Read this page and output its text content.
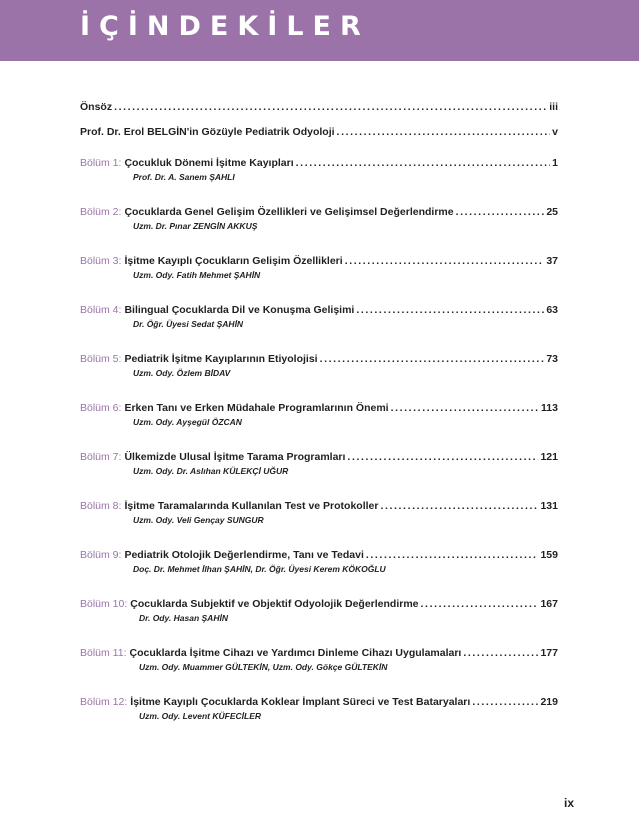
İÇİNDEKİLER
Önsöz .....	iii
Prof. Dr. Erol BELGİN'in Gözüyle Pediatrik Odyoloji .....	v
Bölüm 1: Çocukluk Dönemi İşitme Kayıpları .....	1
Prof. Dr. A. Sanem ŞAHLI
Bölüm 2: Çocuklarda Genel Gelişim Özellikleri ve Gelişimsel Değerlendirme .....	25
Uzm. Dr. Pınar ZENGİN AKKUŞ
Bölüm 3: İşitme Kayıplı Çocukların Gelişim Özellikleri .....	37
Uzm. Ody. Fatih Mehmet ŞAHİN
Bölüm 4: Bilingual Çocuklarda Dil ve Konuşma Gelişimi .....	63
Dr. Öğr. Üyesi Sedat ŞAHİN
Bölüm 5: Pediatrik İşitme Kayıplarının Etiyolojisi .....	73
Uzm. Ody. Özlem BİDAV
Bölüm 6: Erken Tanı ve Erken Müdahale Programlarının Önemi .....	113
Uzm. Ody. Ayşegül ÖZCAN
Bölüm 7: Ülkemizde Ulusal İşitme Tarama Programları .....	121
Uzm. Ody. Dr. Aslıhan KÜLEKÇİ UĞUR
Bölüm 8: İşitme Taramalarında Kullanılan Test ve Protokoller .....	131
Uzm. Ody. Veli Gençay SUNGUR
Bölüm 9: Pediatrik Otolojik Değerlendirme, Tanı ve Tedavi .....	159
Doç. Dr. Mehmet İlhan ŞAHİN, Dr. Öğr. Üyesi Kerem KÖKOĞLU
Bölüm 10: Çocuklarda Subjektif ve Objektif Odyolojik Değerlendirme .....	167
Dr. Ody. Hasan ŞAHİN
Bölüm 11: Çocuklarda İşitme Cihazı ve Yardımcı Dinleme Cihazı Uygulamaları .....	177
Uzm. Ody. Muammer GÜLTEKİN, Uzm. Ody. Gökçe GÜLTEKİN
Bölüm 12: İşitme Kayıplı Çocuklarda Koklear İmplant Süreci ve Test Bataryaları .....	219
Uzm. Ody. Levent KÜFECİLER
ix
